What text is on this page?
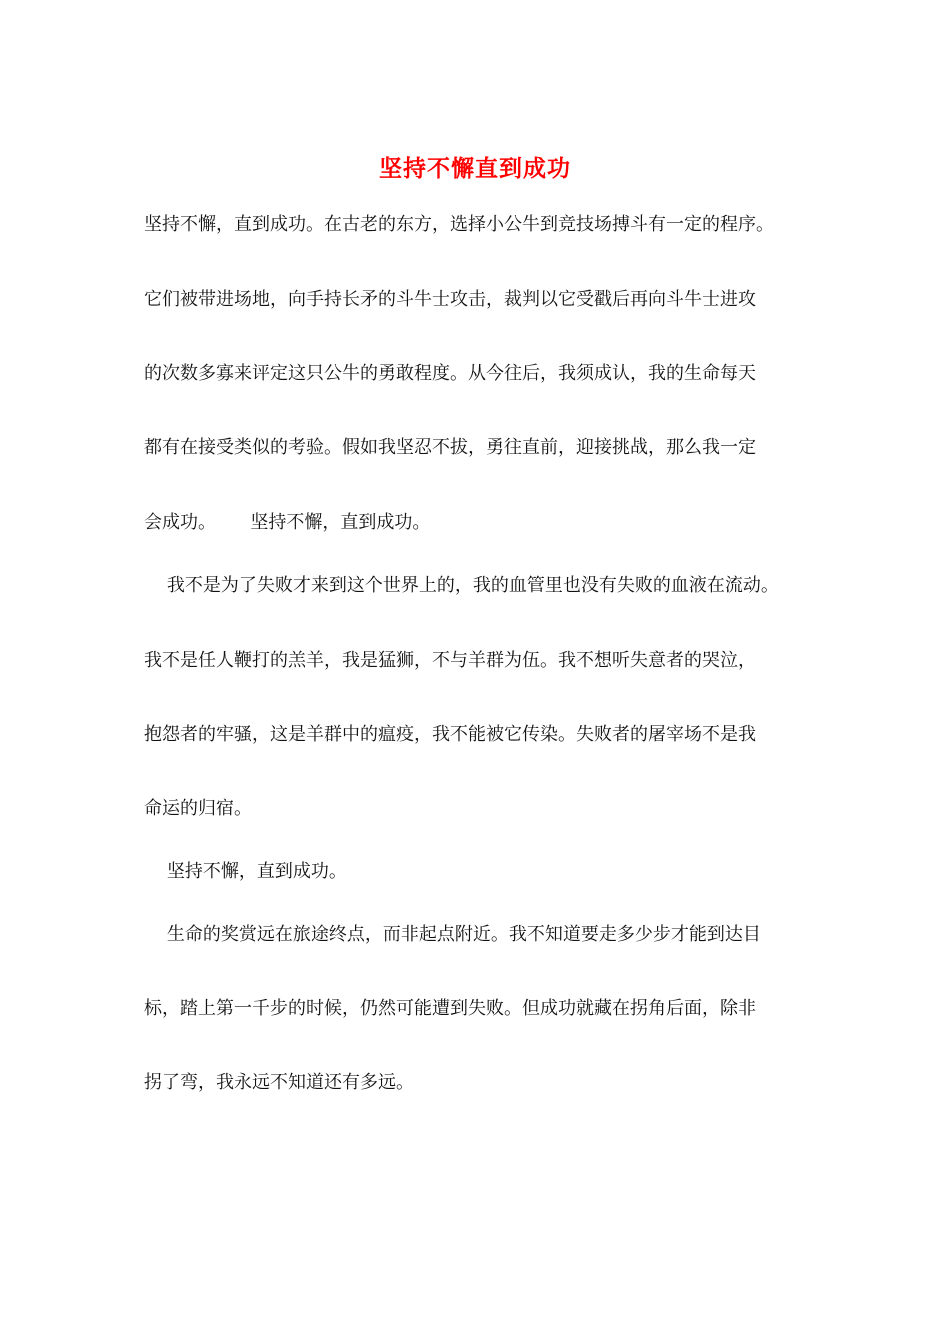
坚持不懈直到成功

坚持不懈，直到成功。在古老的东方，选择小公牛到竞技场搏斗有一定的程序。

它们被带进场地，向手持长矛的斗牛士攻击，裁判以它受戳后再向斗牛士进攻

的次数多寡来评定这只公牛的勇敢程度。从今往后，我须成认，我的生命每天

都有在接受类似的考验。假如我坚忍不拔，勇往直前，迎接挑战，那么我一定

会成功。      坚持不懈，直到成功。

我不是为了失败才来到这个世界上的，我的血管里也没有失败的血液在流动。

我不是任人鞭打的羔羊，我是猛狮，不与羊群为伍。我不想听失意者的哭泣，

抱怨者的牢骚，这是羊群中的瘟疫，我不能被它传染。失败者的屠宰场不是我

命运的归宿。

坚持不懈，直到成功。

生命的奖赏远在旅途终点，而非起点附近。我不知道要走多少步才能到达目

标，踏上第一千步的时候，仍然可能遭到失败。但成功就藏在拐角后面，除非

拐了弯，我永远不知道还有多远。
